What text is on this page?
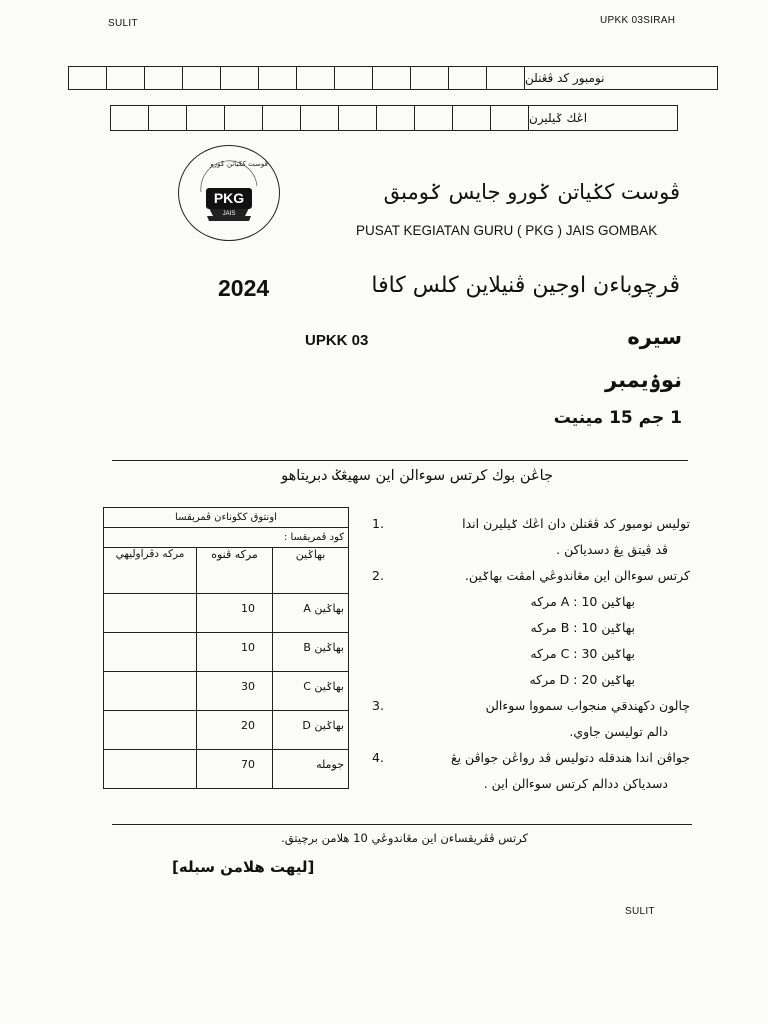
SULIT	UPKK 03SIRAH
نومبور كد ڤڠنلن
اڠك ݢيليرن
ڤوست كݢياتن ݢورو
PKG
JAIS
ڤوست كݢياتن ݢورو جايس ݢومبق
PUSAT KEGIATAN GURU ( PKG ) JAIS GOMBAK
ڤرچوباءن اوجين ڤنيلاين كلس كافا
2024
UPKK 03	سيره
نوۏيمبر
1 جم 15 مينيت
جاڠن بوك كرتس سوءالن اين سهيڠݢ دبريتاهو
اونتوق کڬوناءن ڤمريقسا		
كود ڤمريقسا :		
بهاݢين	مركه ڤنوه	مركه دڤراوليهي
بهاݢين A	10	
بهاݢين B	10	
بهاݢين C	30	
بهاݢين D	20	
جومله	70	
1.	توليس نومبور كد ڤڠنلن دان اڠك ݢيليرن اندا
ڤد ڤيتق يڠ دسدياكن .
2.	كرتس سوءالن اين مڠاندوڠي امڤت بهاݢين.
بهاݢين A : 10 مركه
بهاݢين B : 10 مركه
بهاݢين C : 30 مركه
بهاݢين D : 20 مركه
3.	چالون دكهندقي منجواب سمووا سوءالن
دالم توليسن جاوي.
4.	جواڤن اندا هندقله دتوليس ڤد رواڠن جواڤن يڠ
دسدياكن ددالم كرتس سوءالن اين .
كرتس ڤڤريقساءن اين مڠاندوڠي 10 هلامن برچيتق.
[ليهت هلامن سبله]
SULIT
